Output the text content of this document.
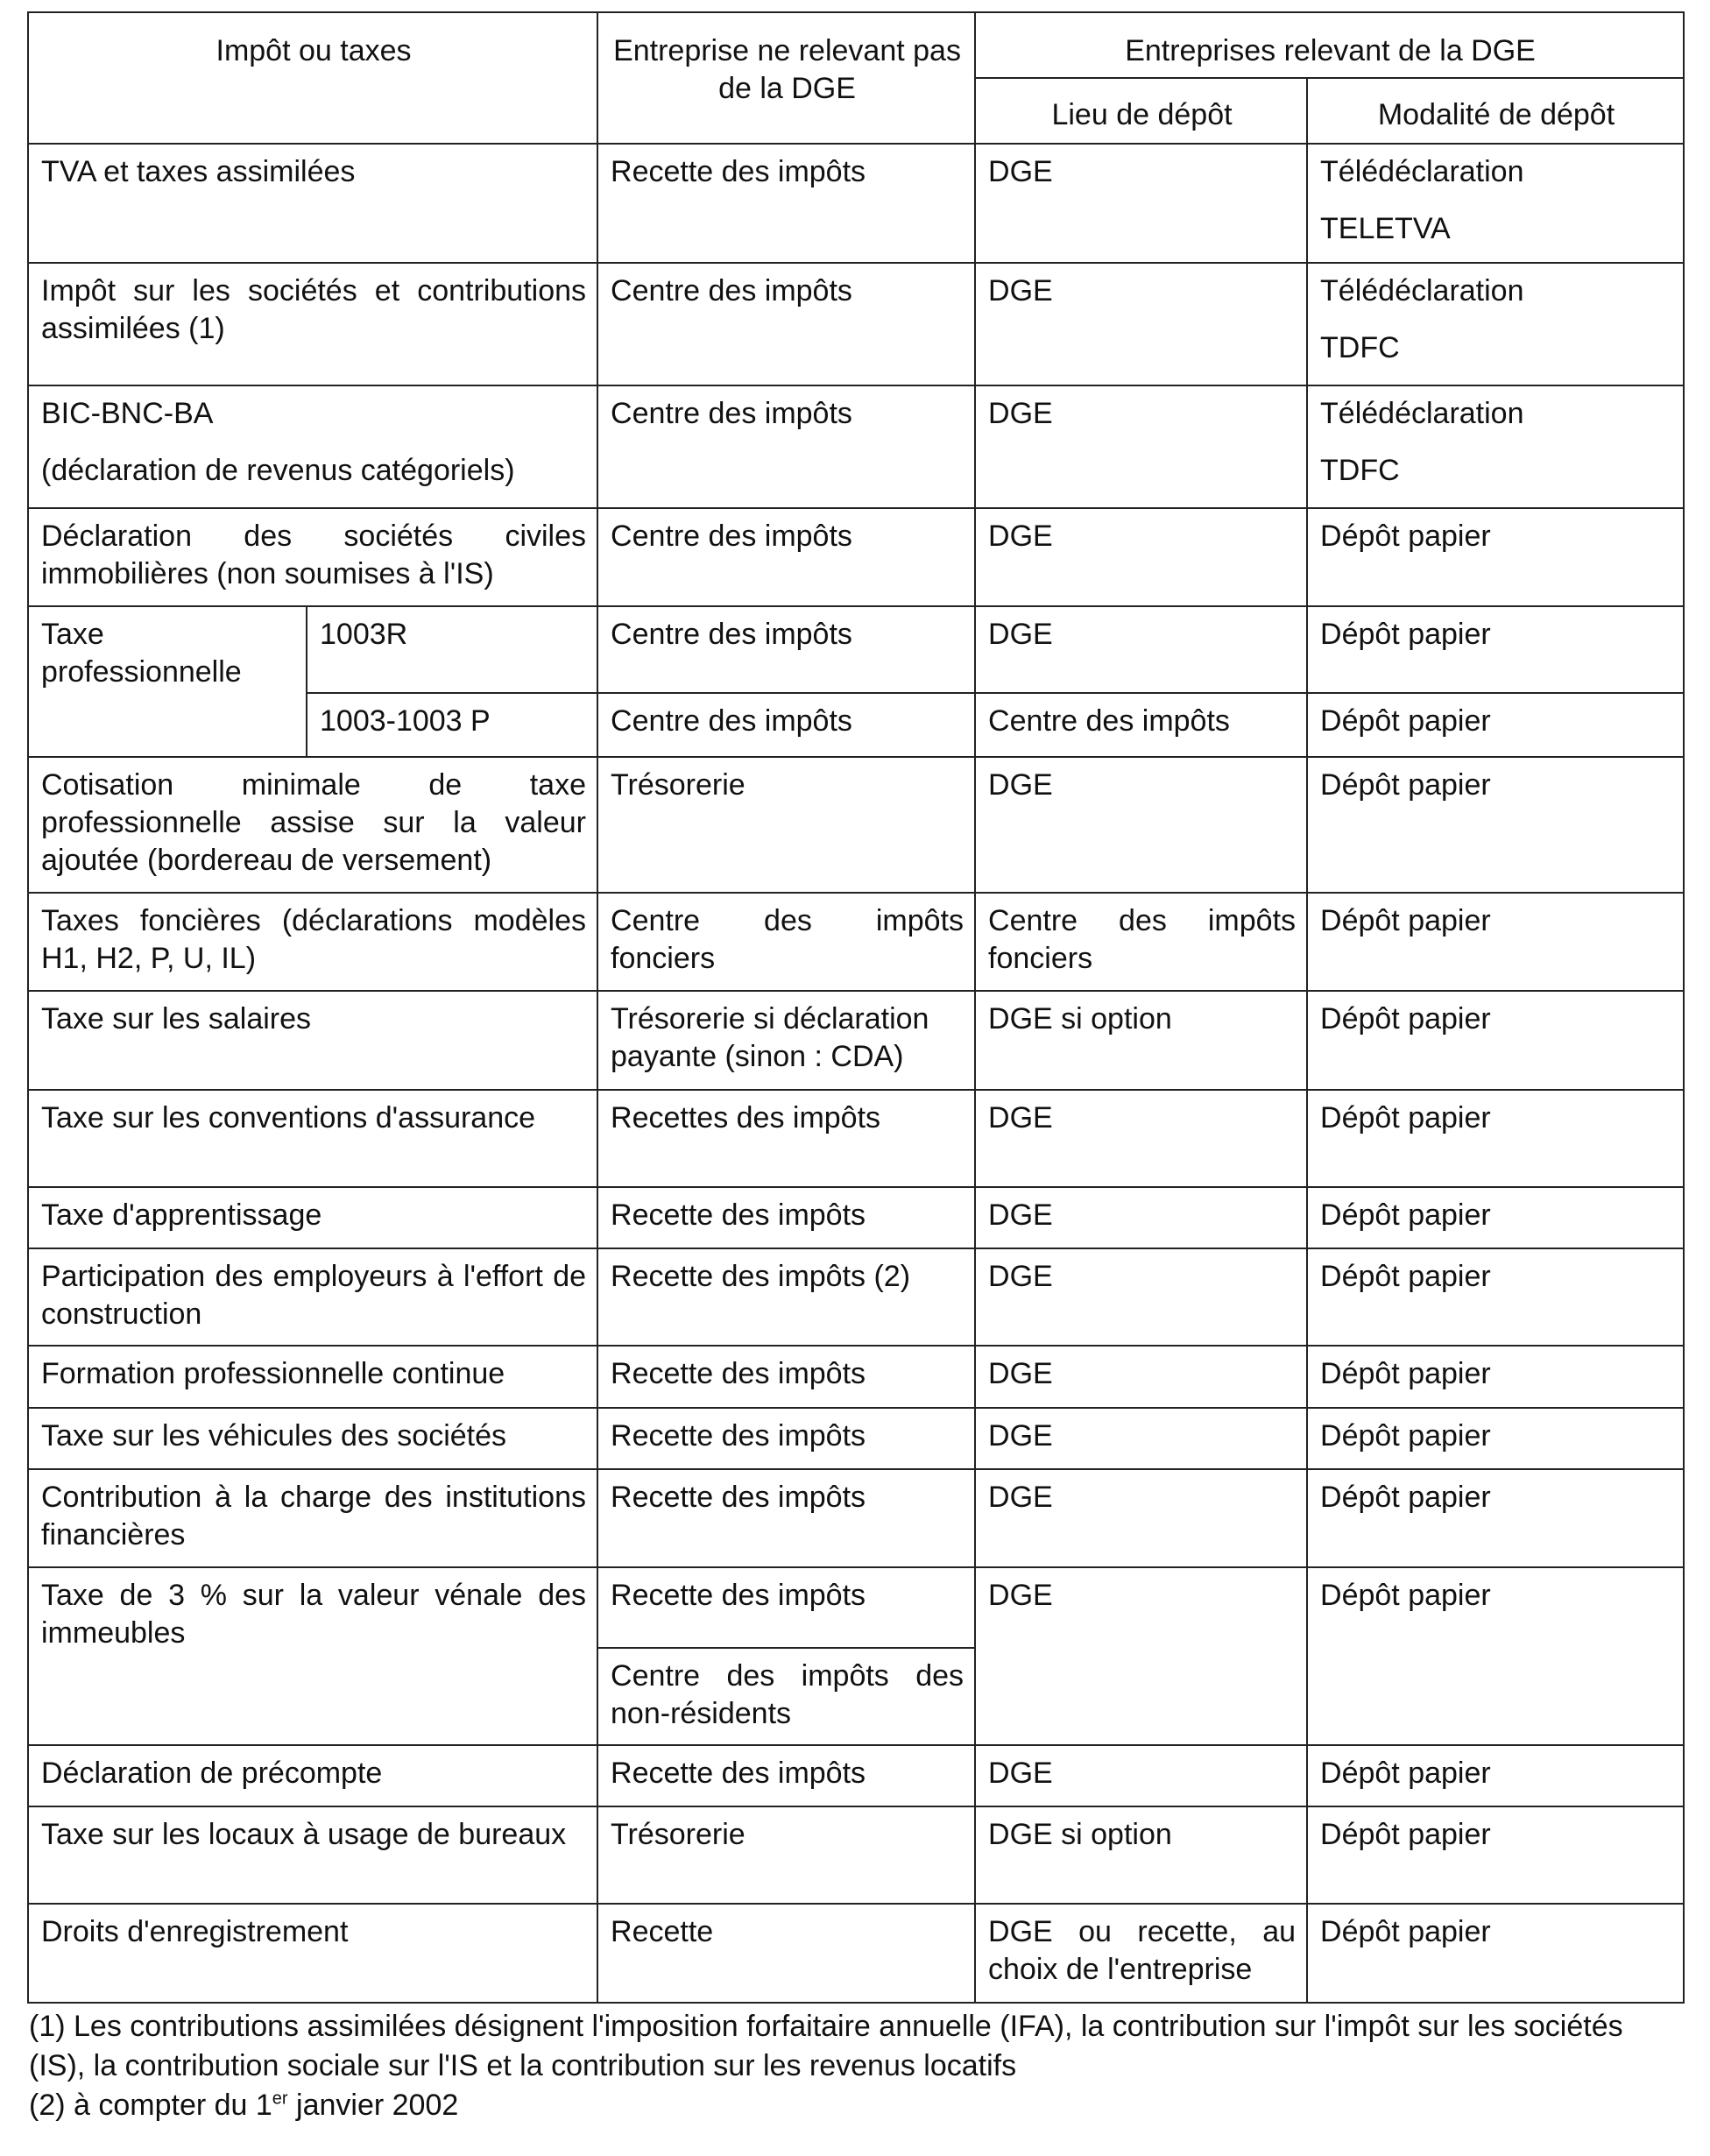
Impôt ou taxes		Entreprise ne relevant pas de la DGE	Entreprises relevant de la DGE	
			Lieu de dépôt	Modalité de dépôt
TVA et taxes assimilées		Recette des impôts	DGE	Télédéclaration
TELETVA

Impôt sur les sociétés et contributions assimilées (1)		Centre des impôts	DGE	Télédéclaration
TDFC

BIC-BNC-BA
(déclaration de revenus catégoriels)		Centre des impôts	DGE	Télédéclaration
TDFC

Déclaration des sociétés civiles immobilières (non soumises à l'IS)		Centre des impôts	DGE	Dépôt papier
Taxe professionnelle	1003R	Centre des impôts	DGE	Dépôt papier
	1003-1003 P	Centre des impôts	Centre des impôts	Dépôt papier
Cotisation minimale de taxe professionnelle assise sur la valeur ajoutée (bordereau de versement)		Trésorerie	DGE	Dépôt papier
Taxes foncières (déclarations modèles H1, H2, P, U, IL)		Centre des impôts fonciers	Centre des impôts fonciers	Dépôt papier
Taxe sur les salaires		Trésorerie si déclaration payante (sinon : CDA)	DGE si option	Dépôt papier
Taxe sur les conventions d'assurance		Recettes des impôts	DGE	Dépôt papier
Taxe d'apprentissage		Recette des impôts	DGE	Dépôt papier
Participation des employeurs à l'effort de construction		Recette des impôts (2)	DGE	Dépôt papier
Formation professionnelle continue		Recette des impôts	DGE	Dépôt papier
Taxe sur les véhicules des sociétés		Recette des impôts	DGE	Dépôt papier
Contribution à la charge des institutions financières		Recette des impôts	DGE	Dépôt papier
Taxe de 3 % sur la valeur vénale des immeubles		Recette des impôts	DGE	Dépôt papier
		Centre des impôts des non-résidents		
Déclaration de précompte		Recette des impôts	DGE	Dépôt papier
Taxe sur les locaux à usage de bureaux		Trésorerie	DGE si option	Dépôt papier
Droits d'enregistrement		Recette	DGE ou recette, au choix de l'entreprise	Dépôt papier

(1) Les contributions assimilées désignent l'imposition forfaitaire annuelle (IFA), la contribution sur l'impôt sur les sociétés (IS), la contribution sociale sur l'IS et la contribution sur les revenus locatifs

(2) à compter du 1er janvier 2002
